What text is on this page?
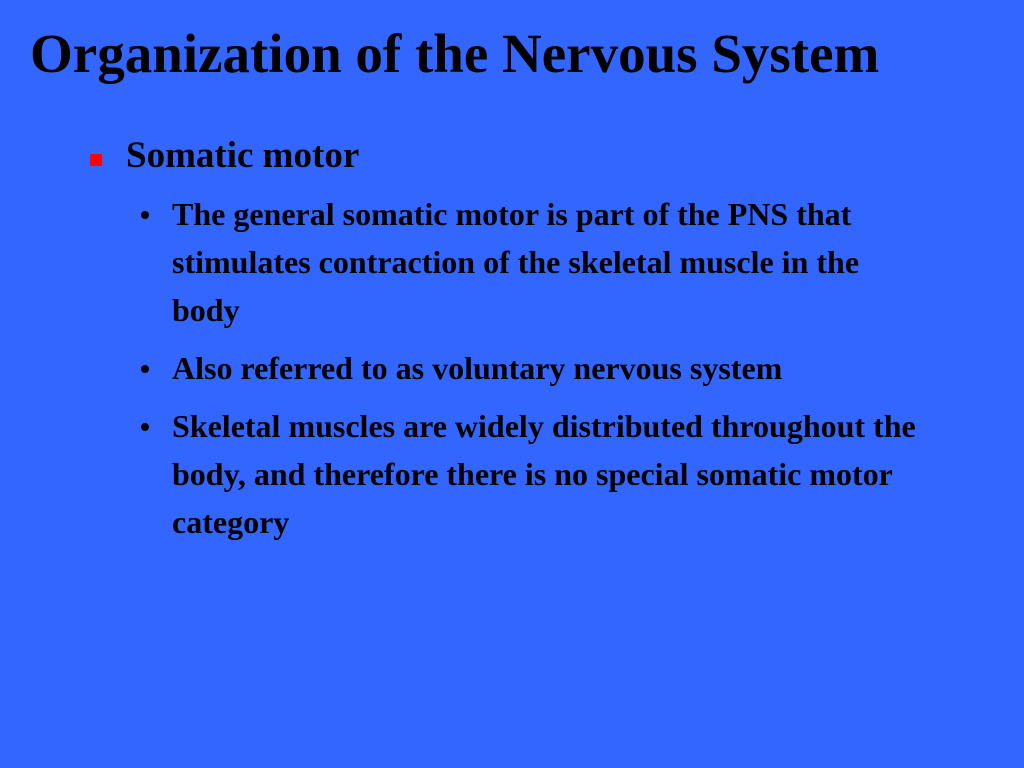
Organization of the Nervous System
Somatic motor
The general somatic motor is part of the PNS that stimulates contraction of the skeletal muscle in the body
Also referred to as voluntary nervous system
Skeletal muscles are widely distributed throughout the body, and therefore there is no special somatic motor category
